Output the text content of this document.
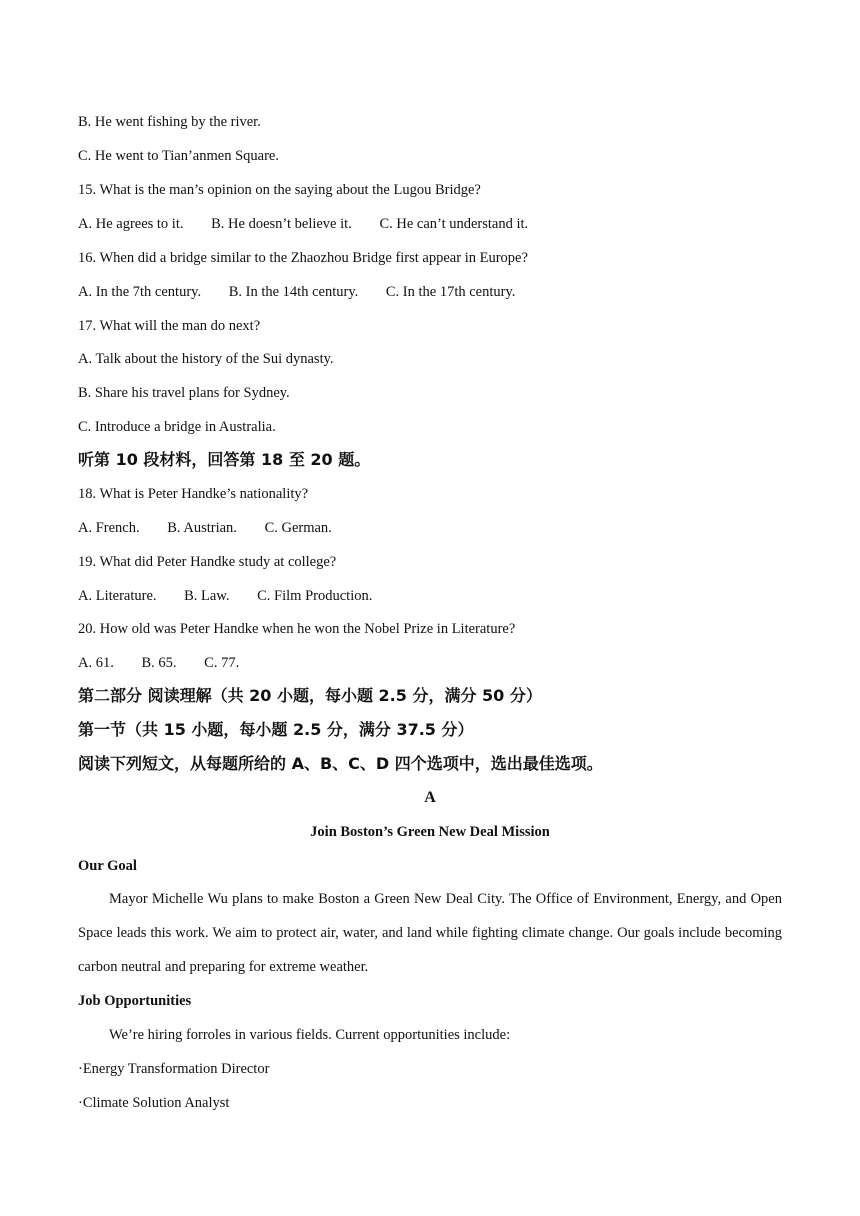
B. He went fishing by the river.
C. He went to Tian’anmen Square.
15. What is the man’s opinion on the saying about the Lugou Bridge?
A. He agrees to it. B. He doesn’t believe it. C. He can’t understand it.
16. When did a bridge similar to the Zhaozhou Bridge first appear in Europe?
A. In the 7th century. B. In the 14th century. C. In the 17th century.
17. What will the man do next?
A. Talk about the history of the Sui dynasty.
B. Share his travel plans for Sydney.
C. Introduce a bridge in Australia.
听第 10 段材料，回答第 18 至 20 题。
18. What is Peter Handke’s nationality?
A. French. B. Austrian. C. German.
19. What did Peter Handke study at college?
A. Literature. B. Law. C. Film Production.
20. How old was Peter Handke when he won the Nobel Prize in Literature?
A. 61. B. 65. C. 77.
第二部分 阅读理解（共 20 小题，每小题 2.5 分，满分 50 分）
第一节（共 15 小题，每小题 2.5 分，满分 37.5 分）
阅读下列短文，从每题所给的 A、B、C、D 四个选项中，选出最佳选项。
A
Join Boston’s Green New Deal Mission
Our Goal
Mayor Michelle Wu plans to make Boston a Green New Deal City. The Office of Environment, Energy, and Open Space leads this work. We aim to protect air, water, and land while fighting climate change. Our goals include becoming carbon neutral and preparing for extreme weather.
Job Opportunities
We’re hiring forroles in various fields. Current opportunities include:
·Energy Transformation Director
·Climate Solution Analyst
